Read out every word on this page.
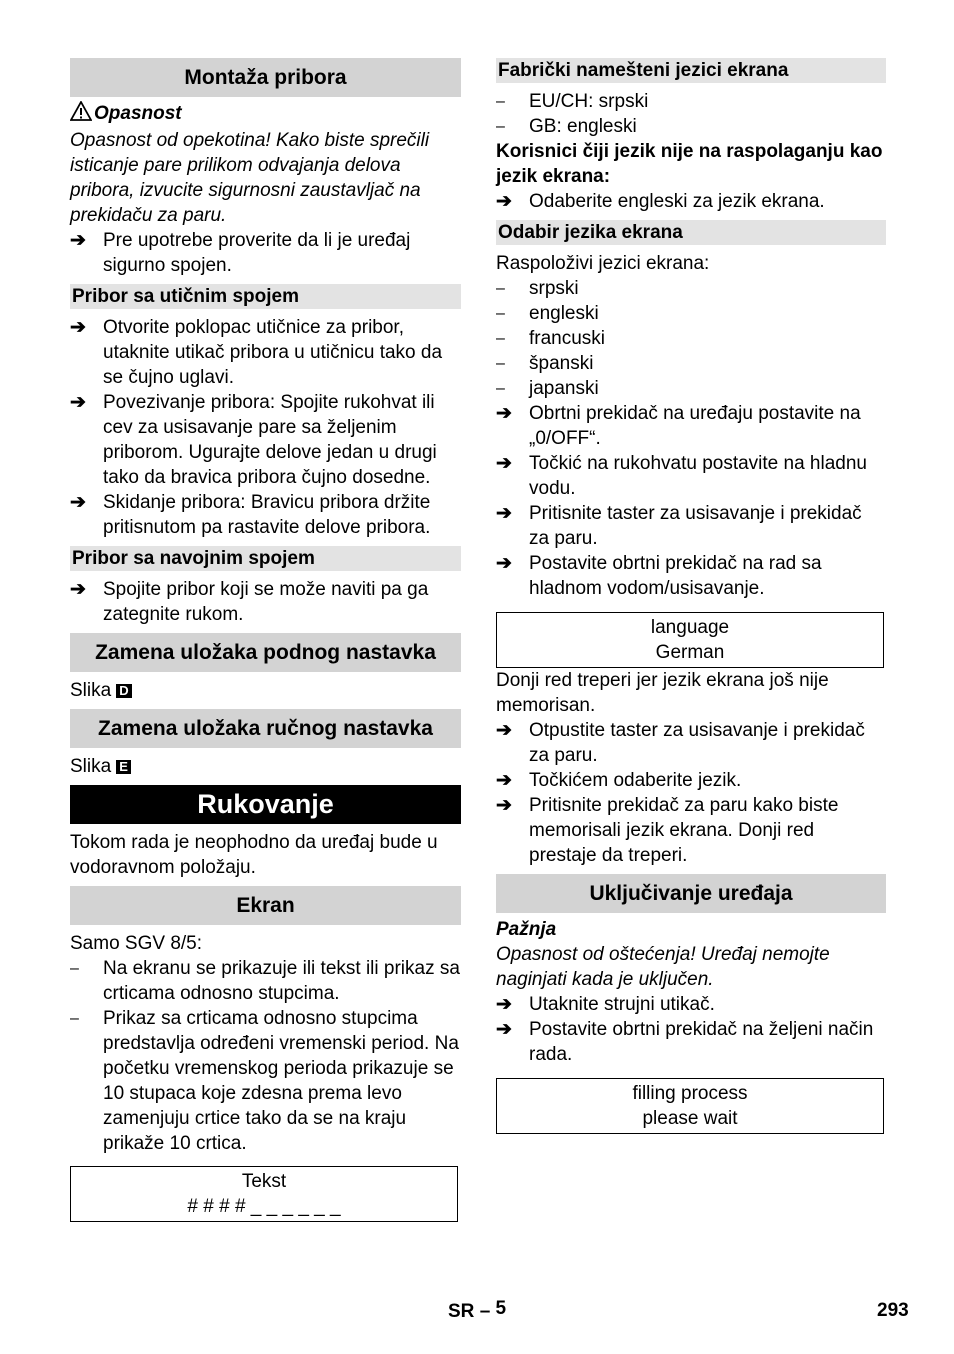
Montaža pribora

Opasnost

Opasnost od opekotina! Kako biste sprečili isticanje pare prilikom odvajanja delova pribora, izvucite sigurnosni zaustavljač na prekidaču za paru.

➔ Pre upotrebe proverite da li je uređaj sigurno spojen.
Pribor sa utičnim spojem
➔ Otvorite poklopac utičnice za pribor, utaknite utikač pribora u utičnicu tako da se čujno uglavi.
➔ Povezivanje pribora: Spojite rukohvat ili cev za usisavanje pare sa željenim priborom. Ugurajte delove jedan u drugi tako da bravica pribora čujno dosedne.
➔ Skidanje pribora: Bravicu pribora držite pritisnutom pa rastavite delove pribora.
Pribor sa navojnim spojem
➔ Spojite pribor koji se može naviti pa ga zategnite rukom.
Zamena uložaka podnog nastavka

Slika D

Zamena uložaka ručnog nastavka

Slika E

Rukovanje

Tokom rada je neophodno da uređaj bude u vodoravnom položaju.

Ekran

Samo SGV 8/5:

– Na ekranu se prikazuje ili tekst ili prikaz sa crticama odnosno stupcima.
– Prikaz sa crticama odnosno stupcima predstavlja određeni vremenski period. Na početku vremenskog perioda prikazuje se 10 stupaca koje zdesna prema levo zamenjuju crtice tako da se na kraju prikaže 10 crtica.
Tekst
# # # # _ _ _ _ _ _
Fabrički namešteni jezici ekrana
– EU/CH: srpski
– GB: engleski

Korisnici čiji jezik nije na raspolaganju kao jezik ekrana:

➔ Odaberite engleski za jezik ekrana.
Odabir jezika ekrana

Raspoloživi jezici ekrana:

– srpski
– engleski
– francuski
– španski
– japanski
➔ Obrtni prekidač na uređaju postavite na „0/OFF“.
➔ Točkić na rukohvatu postavite na hladnu vodu.
➔ Pritisnite taster za usisavanje i prekidač za paru.
➔ Postavite obrtni prekidač na rad sa hladnom vodom/usisavanje.
language
German

Donji red treperi jer jezik ekrana još nije memorisan.

➔ Otpustite taster za usisavanje i prekidač za paru.
➔ Točkićem odaberite jezik.
➔ Pritisnite prekidač za paru kako biste memorisali jezik ekrana. Donji red prestaje da treperi.
Uključivanje uređaja

Pažnja

Opasnost od oštećenja! Uređaj nemojte naginjati kada je uključen.

➔ Utaknite strujni utikač.
➔ Postavite obrtni prekidač na željeni način rada.
filling process
please wait
SR – 5	293
